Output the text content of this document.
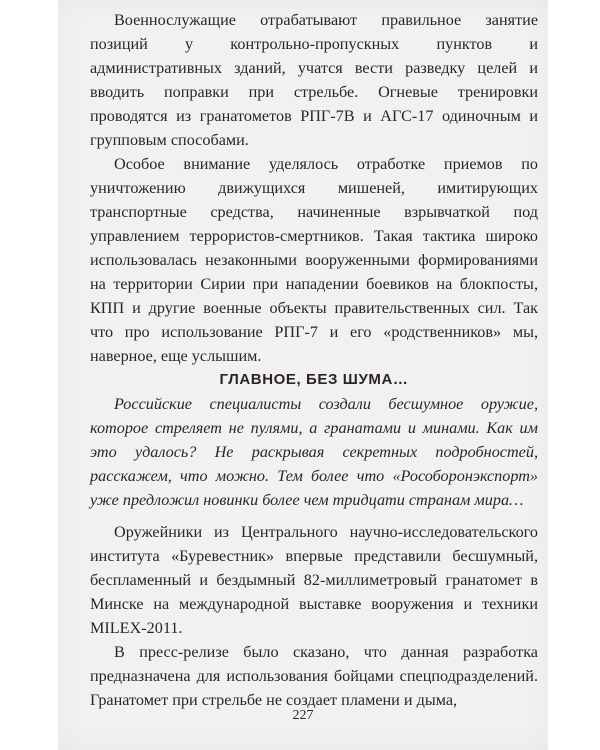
Военнослужащие отрабатывают правильное занятие позиций у контрольно-пропускных пунктов и административных зданий, учатся вести разведку целей и вводить поправки при стрельбе. Огневые тренировки проводятся из гранатометов РПГ-7В и АГС-17 одиночным и групповым способами.

Особое внимание уделялось отработке приемов по уничтожению движущихся мишеней, имитирующих транспортные средства, начиненные взрывчаткой под управлением террористов-смертников. Такая тактика широко использовалась незаконными вооруженными формированиями на территории Сирии при нападении боевиков на блокпосты, КПП и другие военные объекты правительственных сил. Так что про использование РПГ-7 и его «родственников» мы, наверное, еще услышим.

ГЛАВНОЕ, БЕЗ ШУМА…

Российские специалисты создали бесшумное оружие, которое стреляет не пулями, а гранатами и минами. Как им это удалось? Не раскрывая секретных подробностей, расскажем, что можно. Тем более что «Рособоронэкспорт» уже предложил новинки более чем тридцати странам мира…

Оружейники из Центрального научно-исследовательского института «Буревестник» впервые представили бесшумный, беспламенный и бездымный 82-миллиметровый гранатомет в Минске на международной выставке вооружения и техники MILEX-2011.

В пресс-релизе было сказано, что данная разработка предназначена для использования бойцами спецподразделений. Гранатомет при стрельбе не создает пламени и дыма,

227
